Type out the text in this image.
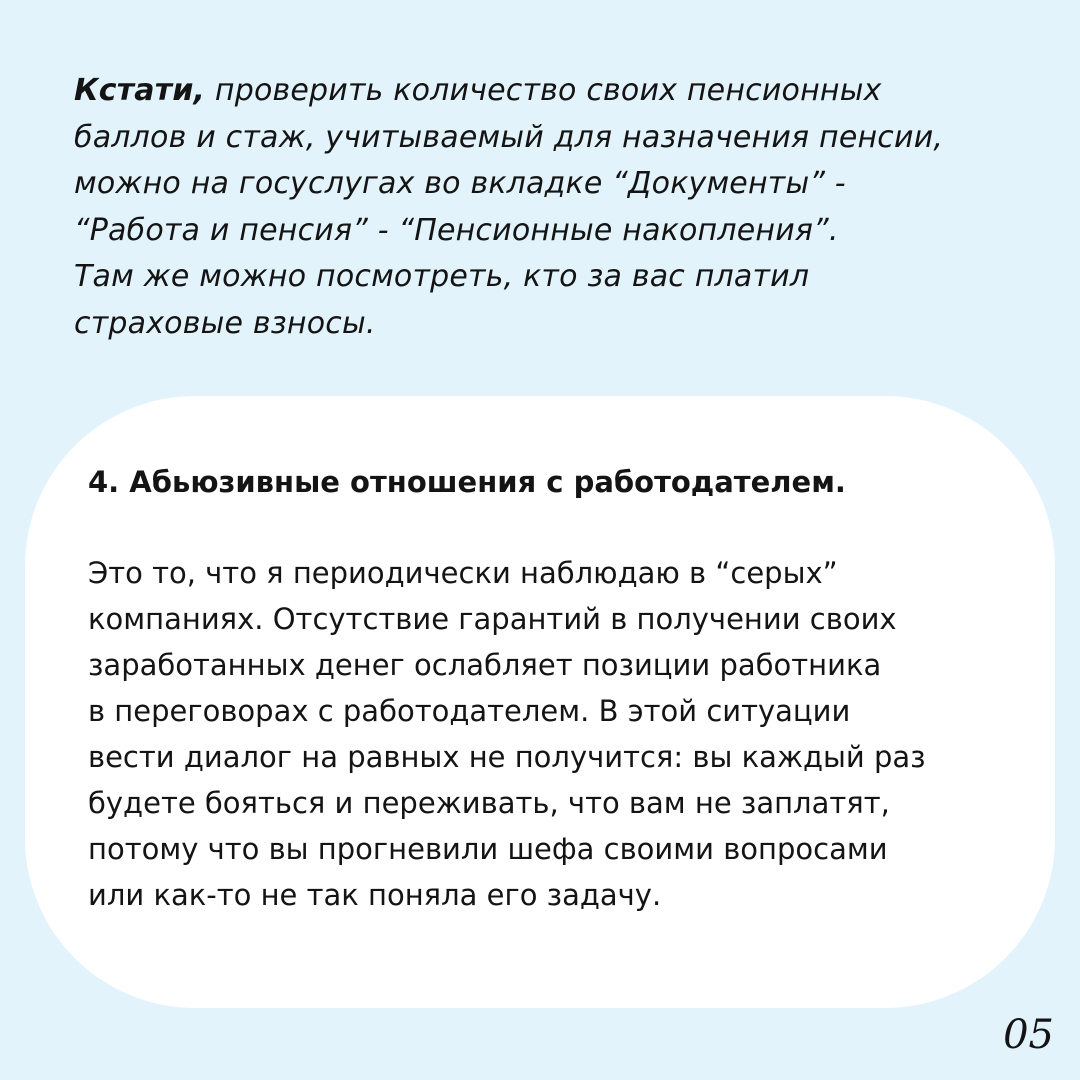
Кстати, проверить количество своих пенсионных
баллов и стаж, учитываемый для назначения пенсии,
можно на госуслугах во вкладке “Документы” -
“Работа и пенсия” - “Пенсионные накопления”.
Там же можно посмотреть, кто за вас платил
страховые взносы.

4. Абьюзивные отношения с работодателем.

Это то, что я периодически наблюдаю в “серых”
компаниях. Отсутствие гарантий в получении своих
заработанных денег ослабляет позиции работника
в переговорах с работодателем. В этой ситуации
вести диалог на равных не получится: вы каждый раз
будете бояться и переживать, что вам не заплатят,
потому что вы прогневили шефа своими вопросами
или как-то не так поняла его задачу.

05
